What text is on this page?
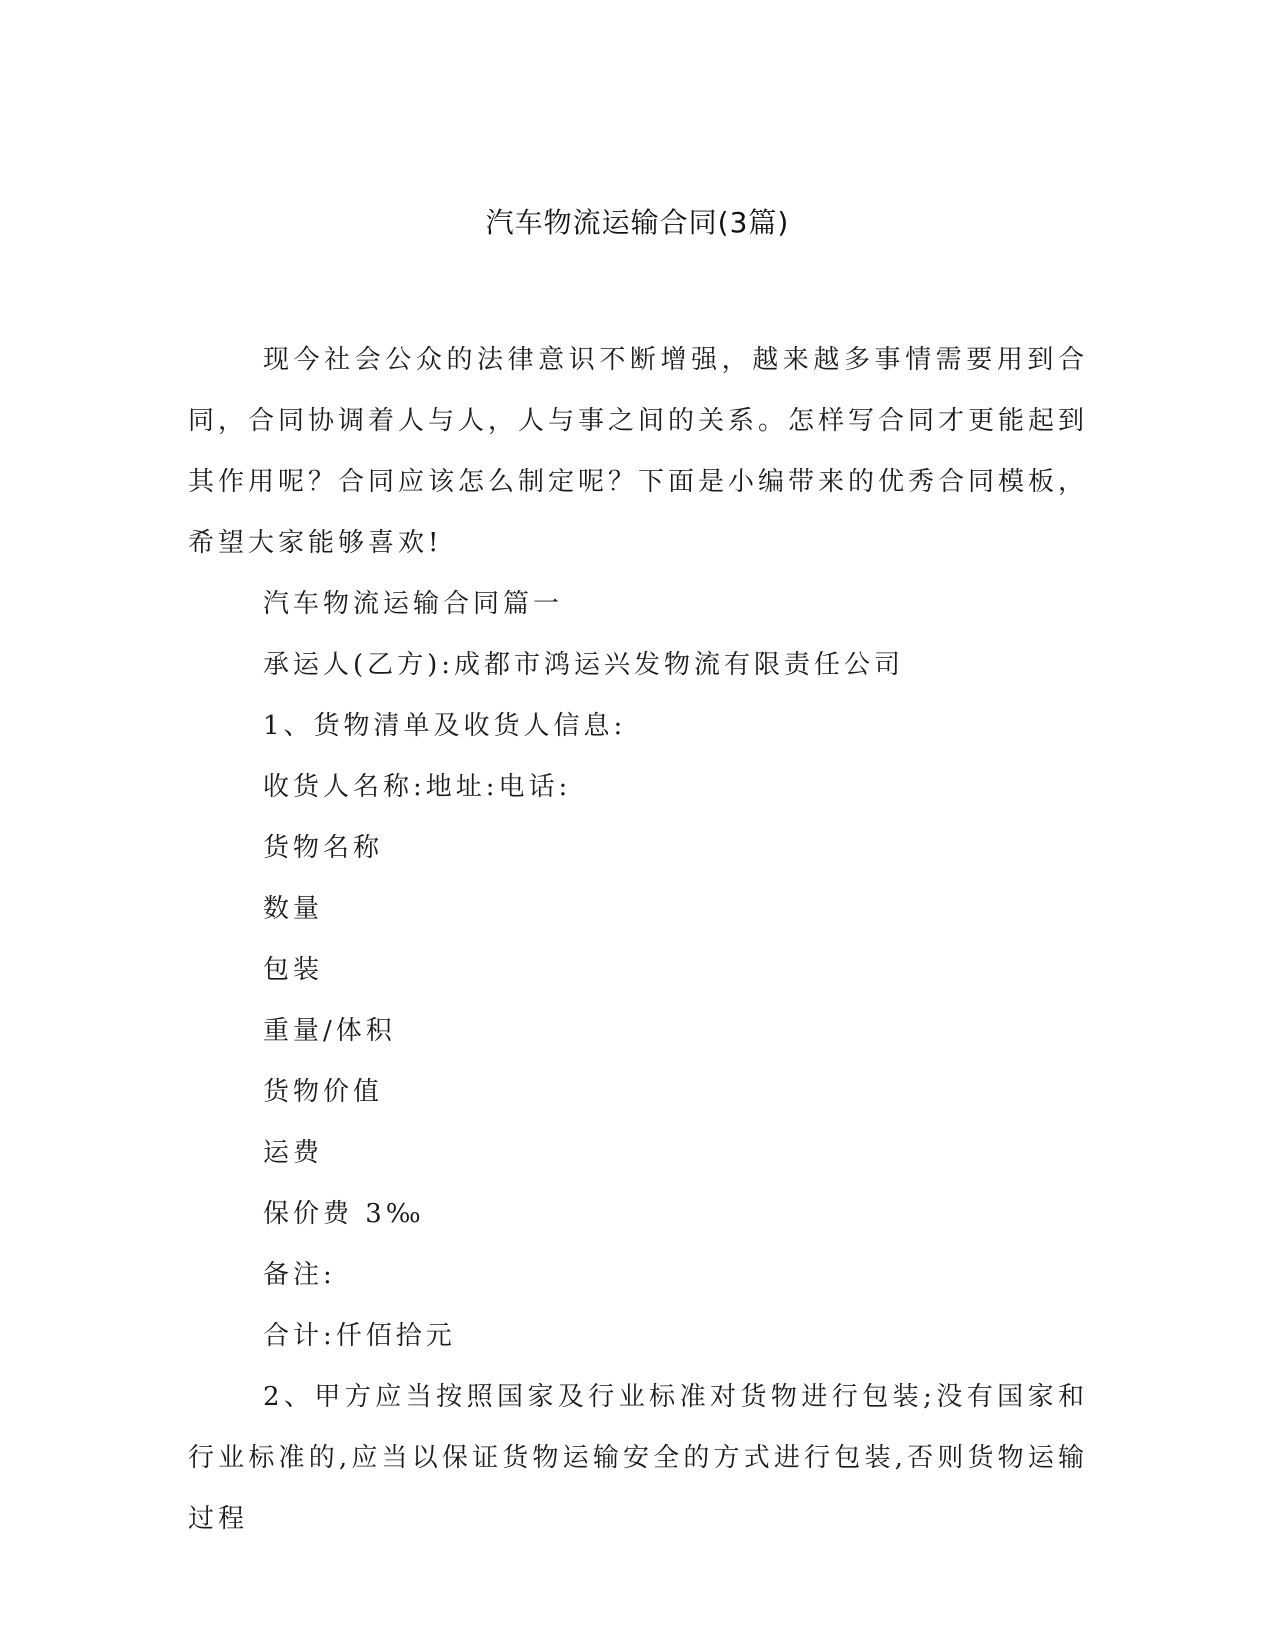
汽车物流运输合同(3篇)

现今社会公众的法律意识不断增强，越来越多事情需要用到合同，合同协调着人与人，人与事之间的关系。怎样写合同才更能起到其作用呢？合同应该怎么制定呢？下面是小编带来的优秀合同模板，希望大家能够喜欢!

汽车物流运输合同篇一

承运人(乙方):成都市鸿运兴发物流有限责任公司

1、货物清单及收货人信息:

收货人名称:地址:电话:

货物名称

数量

包装

重量/体积

货物价值

运费

保价费 3‰

备注:

合计:仟佰拾元

2、甲方应当按照国家及行业标准对货物进行包装;没有国家和行业标准的,应当以保证货物运输安全的方式进行包装,否则货物运输过程
